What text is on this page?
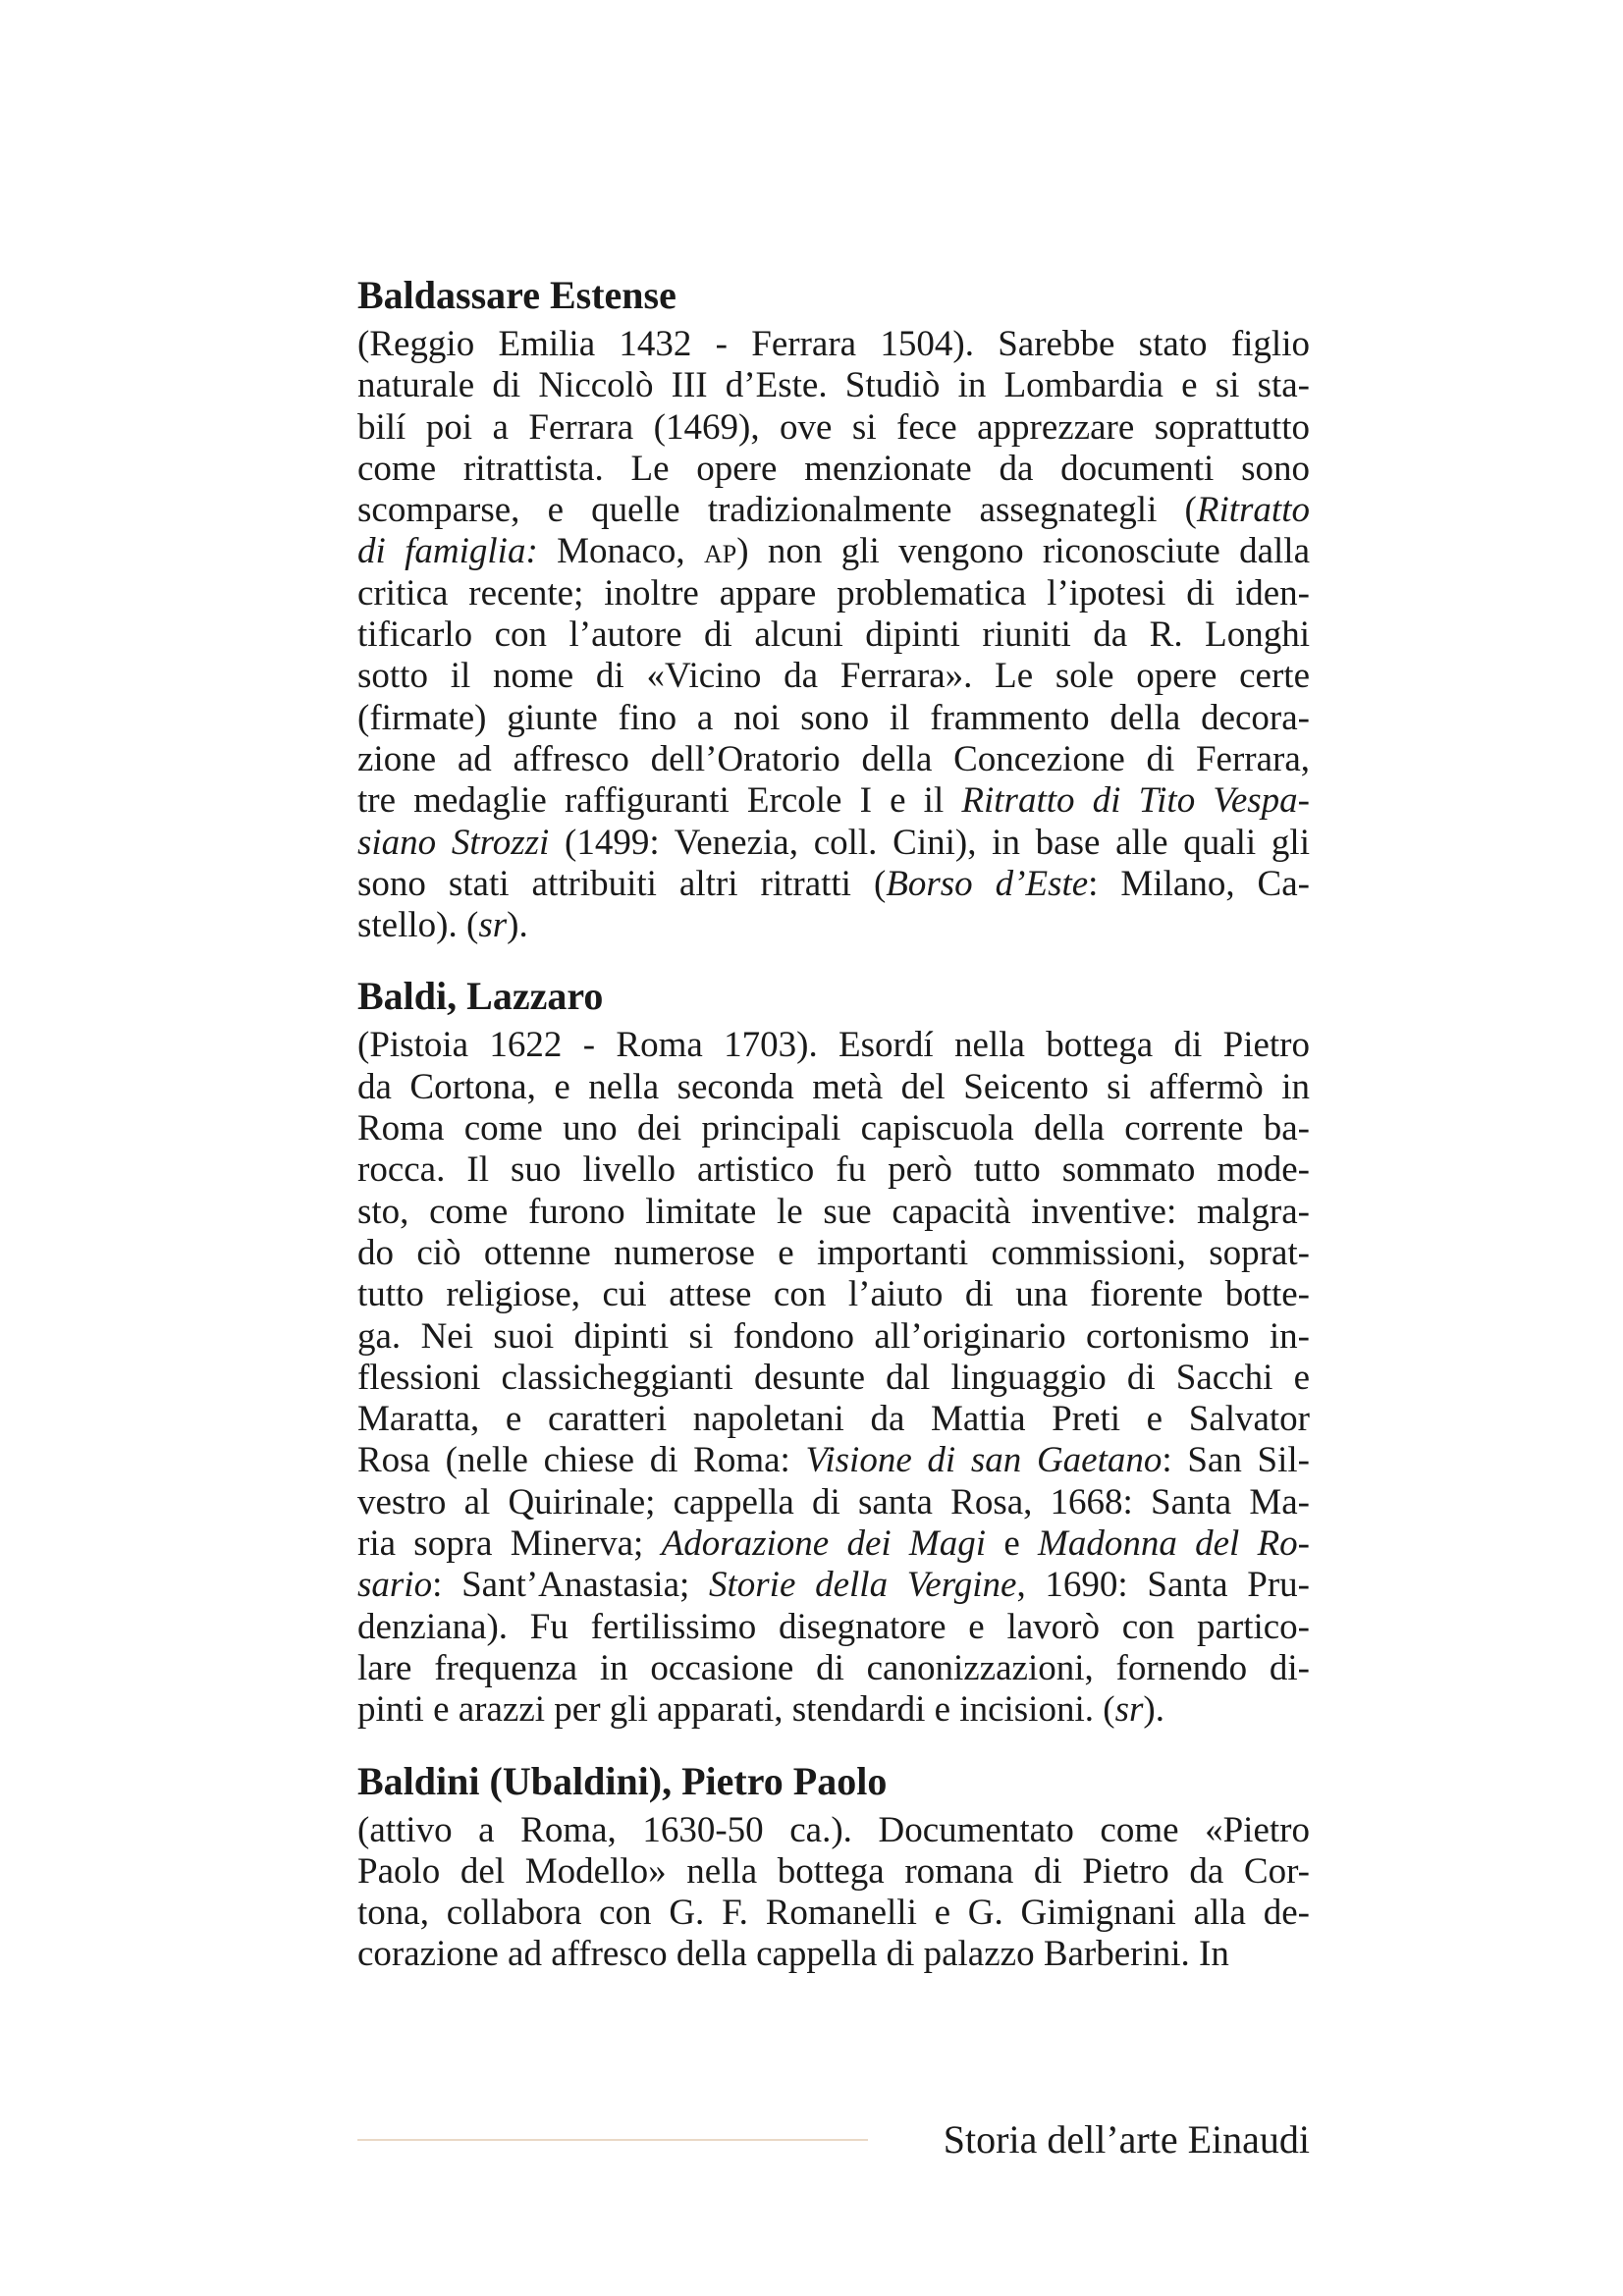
Baldassare Estense
(Reggio Emilia 1432 - Ferrara 1504). Sarebbe stato figlio
naturale di Niccolò III d’Este. Studiò in Lombardia e si sta-
bilí poi a Ferrara (1469), ove si fece apprezzare soprattutto
come ritrattista. Le opere menzionate da documenti sono
scomparse, e quelle tradizionalmente assegnategli (Ritratto
di famiglia: Monaco, ap) non gli vengono riconosciute dalla
critica recente; inoltre appare problematica l’ipotesi di iden-
tificarlo con l’autore di alcuni dipinti riuniti da R. Longhi
sotto il nome di «Vicino da Ferrara». Le sole opere certe
(firmate) giunte fino a noi sono il frammento della decora-
zione ad affresco dell’Oratorio della Concezione di Ferrara,
tre medaglie raffiguranti Ercole I e il Ritratto di Tito Vespa-
siano Strozzi (1499: Venezia, coll. Cini), in base alle quali gli
sono stati attribuiti altri ritratti (Borso d’Este: Milano, Ca-
stello). (sr).
Baldi, Lazzaro
(Pistoia 1622 - Roma 1703). Esordí nella bottega di Pietro
da Cortona, e nella seconda metà del Seicento si affermò in
Roma come uno dei principali capiscuola della corrente ba-
rocca. Il suo livello artistico fu però tutto sommato mode-
sto, come furono limitate le sue capacità inventive: malgra-
do ciò ottenne numerose e importanti commissioni, soprat-
tutto religiose, cui attese con l’aiuto di una fiorente botte-
ga. Nei suoi dipinti si fondono all’originario cortonismo in-
flessioni classicheggianti desunte dal linguaggio di Sacchi e
Maratta, e caratteri napoletani da Mattia Preti e Salvator
Rosa (nelle chiese di Roma: Visione di san Gaetano: San Sil-
vestro al Quirinale; cappella di santa Rosa, 1668: Santa Ma-
ria sopra Minerva; Adorazione dei Magi e Madonna del Ro-
sario: Sant’Anastasia; Storie della Vergine, 1690: Santa Pru-
denziana). Fu fertilissimo disegnatore e lavorò con partico-
lare frequenza in occasione di canonizzazioni, fornendo di-
pinti e arazzi per gli apparati, stendardi e incisioni. (sr).
Baldini (Ubaldini), Pietro Paolo
(attivo a Roma, 1630-50 ca.). Documentato come «Pietro
Paolo del Modello» nella bottega romana di Pietro da Cor-
tona, collabora con G. F. Romanelli e G. Gimignani alla de-
corazione ad affresco della cappella di palazzo Barberini. In
Storia dell’arte Einaudi
